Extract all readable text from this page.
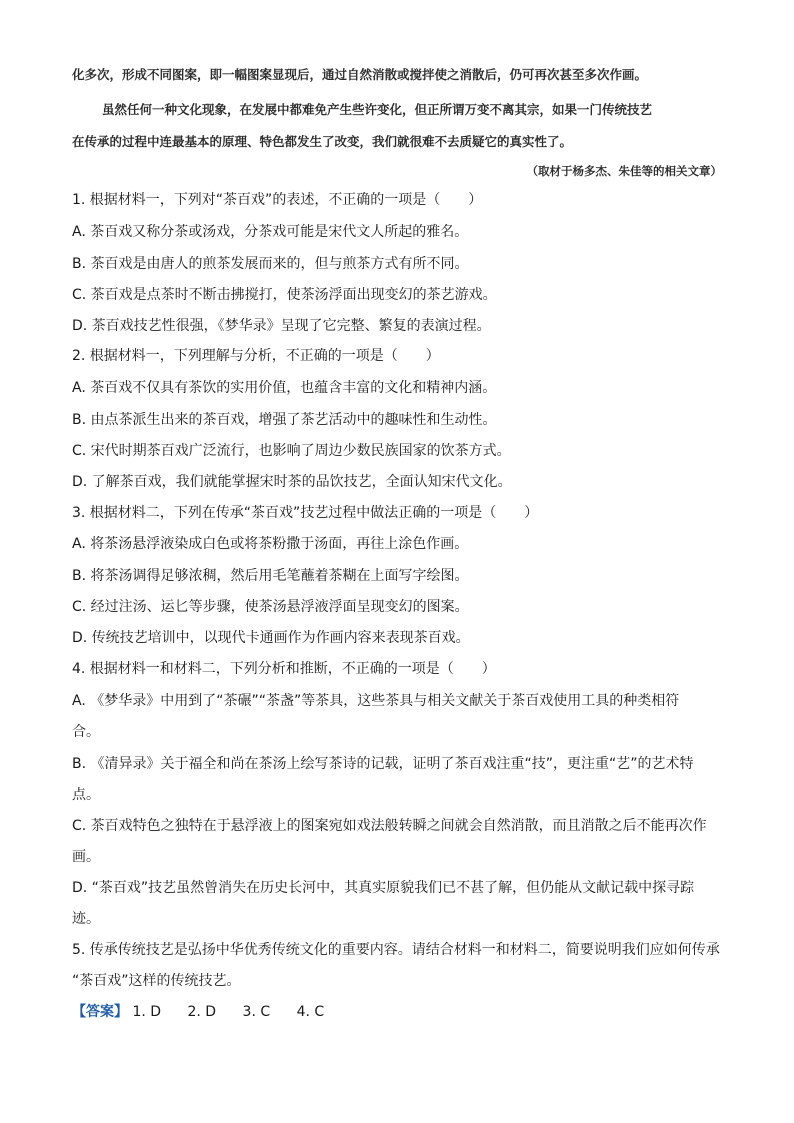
化多次，形成不同图案，即一幅图案显现后，通过自然消散或搅拌使之消散后，仍可再次甚至多次作画。
虽然任何一种文化现象，在发展中都难免产生些许变化，但正所谓万变不离其宗，如果一门传统技艺
在传承的过程中连最基本的原理、特色都发生了改变，我们就很难不去质疑它的真实性了。
（取材于杨多杰、朱佳等的相关文章）
1. 根据材料一，下列对“茶百戏”的表述，不正确的一项是（　　）
A. 茶百戏又称分茶或汤戏，分茶戏可能是宋代文人所起的雅名。
B. 茶百戏是由唐人的煎茶发展而来的，但与煎茶方式有所不同。
C. 茶百戏是点茶时不断击拂搅打，使茶汤浮面出现变幻的茶艺游戏。
D. 茶百戏技艺性很强，《梦华录》呈现了它完整、繁复的表演过程。
2. 根据材料一，下列理解与分析，不正确的一项是（　　）
A. 茶百戏不仅具有茶饮的实用价值，也蕴含丰富的文化和精神内涵。
B. 由点茶派生出来的茶百戏，增强了茶艺活动中的趣味性和生动性。
C. 宋代时期茶百戏广泛流行，也影响了周边少数民族国家的饮茶方式。
D. 了解茶百戏，我们就能掌握宋时茶的品饮技艺，全面认知宋代文化。
3. 根据材料二，下列在传承“茶百戏”技艺过程中做法正确的一项是（　　）
A. 将茶汤悬浮液染成白色或将茶粉撒于汤面，再往上涂色作画。
B. 将茶汤调得足够浓稠，然后用毛笔蘸着茶糊在上面写字绘图。
C. 经过注汤、运匕等步骤，使茶汤悬浮液浮面呈现变幻的图案。
D. 传统技艺培训中，以现代卡通画作为作画内容来表现茶百戏。
4. 根据材料一和材料二，下列分析和推断，不正确的一项是（　　）
A. 《梦华录》中用到了“茶碾”“茶盏”等茶具，这些茶具与相关文献关于茶百戏使用工具的种类相符
合。
B. 《清异录》关于福全和尚在茶汤上绘写茶诗的记载，证明了茶百戏注重“技”，更注重“艺”的艺术特
点。
C. 茶百戏特色之独特在于悬浮液上的图案宛如戏法般转瞬之间就会自然消散，而且消散之后不能再次作
画。
D. “茶百戏”技艺虽然曾消失在历史长河中，其真实原貌我们已不甚了解，但仍能从文献记载中探寻踪
迹。
5. 传承传统技艺是弘扬中华优秀传统文化的重要内容。请结合材料一和材料二，简要说明我们应如何传承
“茶百戏”这样的传统技艺。
【答案】 1. D 2. D 3. C 4. C
